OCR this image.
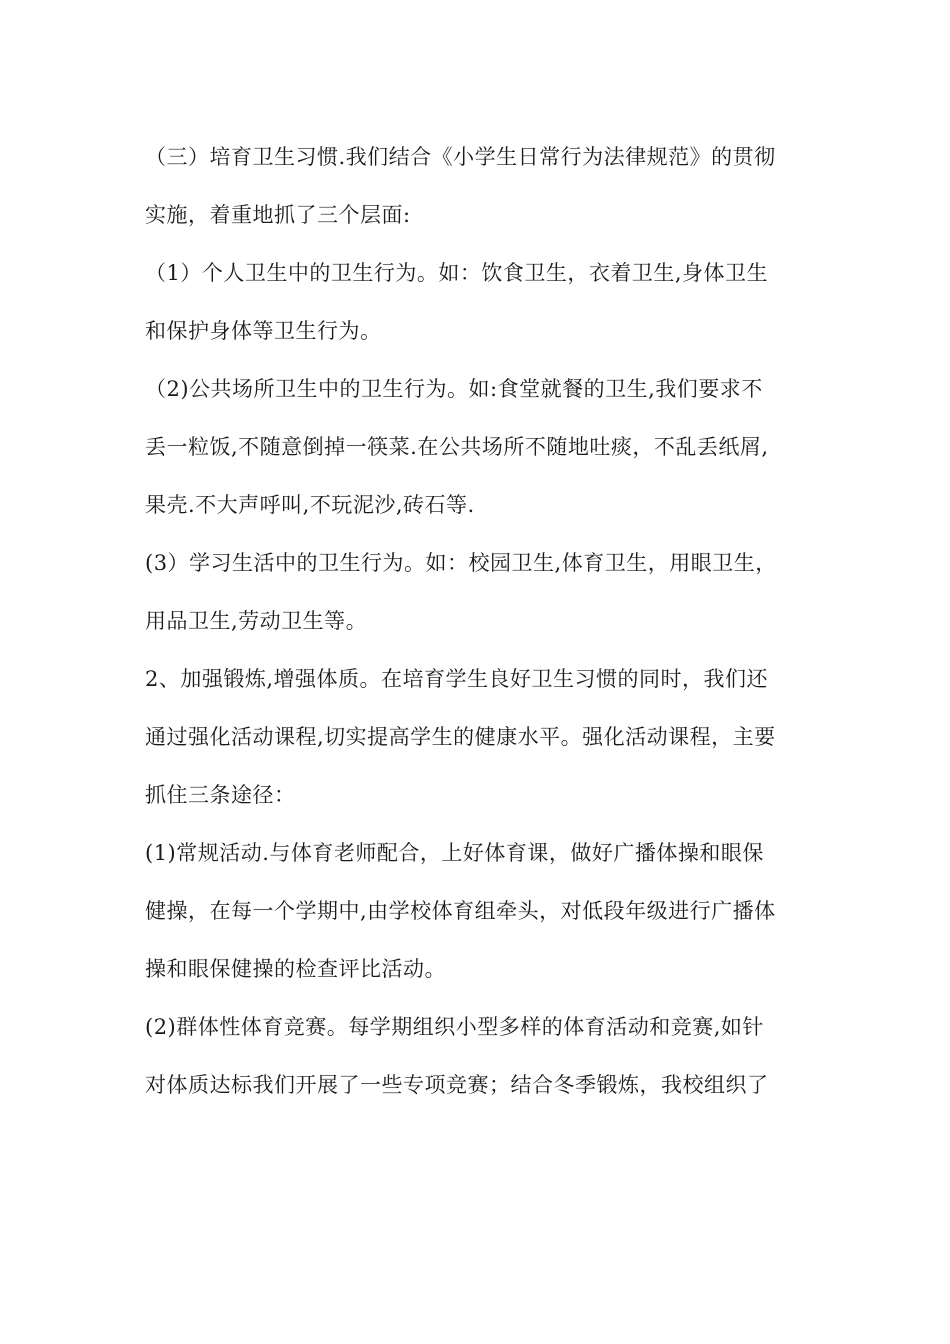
（三）培育卫生习惯.我们结合《小学生日常行为法律规范》的贯彻
实施，着重地抓了三个层面:

（1）个人卫生中的卫生行为。如：饮食卫生，衣着卫生,身体卫生
和保护身体等卫生行为。

（2)公共场所卫生中的卫生行为。如:食堂就餐的卫生,我们要求不
丢一粒饭,不随意倒掉一筷菜.在公共场所不随地吐痰，不乱丢纸屑,
果壳.不大声呼叫,不玩泥沙,砖石等.

(3）学习生活中的卫生行为。如：校园卫生,体育卫生，用眼卫生，
用品卫生,劳动卫生等。

2、加强锻炼,增强体质。在培育学生良好卫生习惯的同时，我们还
通过强化活动课程,切实提高学生的健康水平。强化活动课程，主要
抓住三条途径：

(1)常规活动.与体育老师配合，上好体育课，做好广播体操和眼保
健操，在每一个学期中,由学校体育组牵头，对低段年级进行广播体
操和眼保健操的检查评比活动。

(2)群体性体育竞赛。每学期组织小型多样的体育活动和竞赛,如针
对体质达标我们开展了一些专项竞赛；结合冬季锻炼，我校组织了
